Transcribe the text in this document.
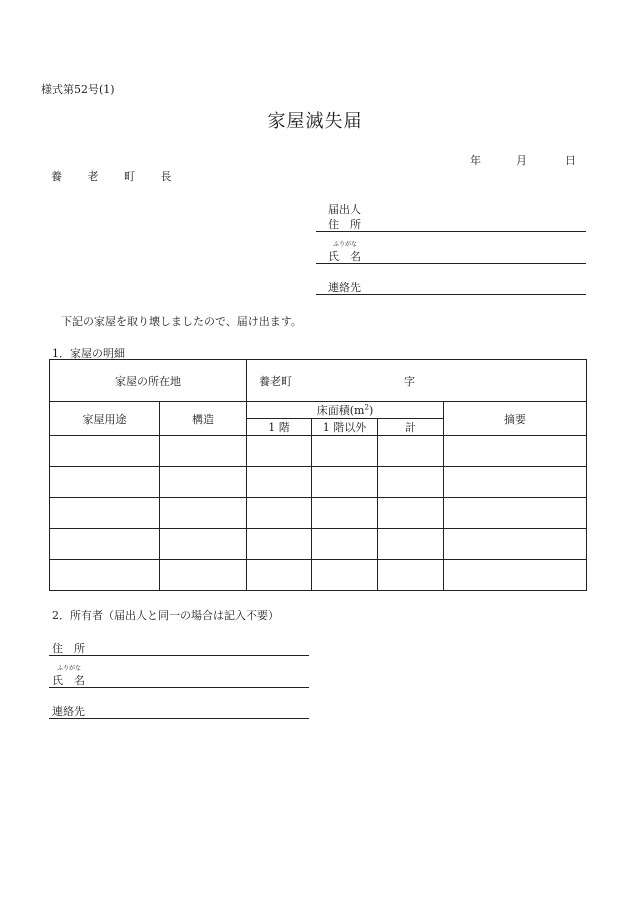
様式第52号(1)
家屋滅失届
年	月	日
養 老 町 長
届出人
住　所
ふりがな
氏　名
連絡先
下記の家屋を取り壊しましたので、届け出ます。
1．家屋の明細
家屋の所在地		養老町 字			
家屋用途	構造	床面積$(m^2)$			摘要
		1 階	1 階以外	計	

2．所有者（届出人と同一の場合は記入不要）
住　所
ふりがな
氏　名
連絡先
